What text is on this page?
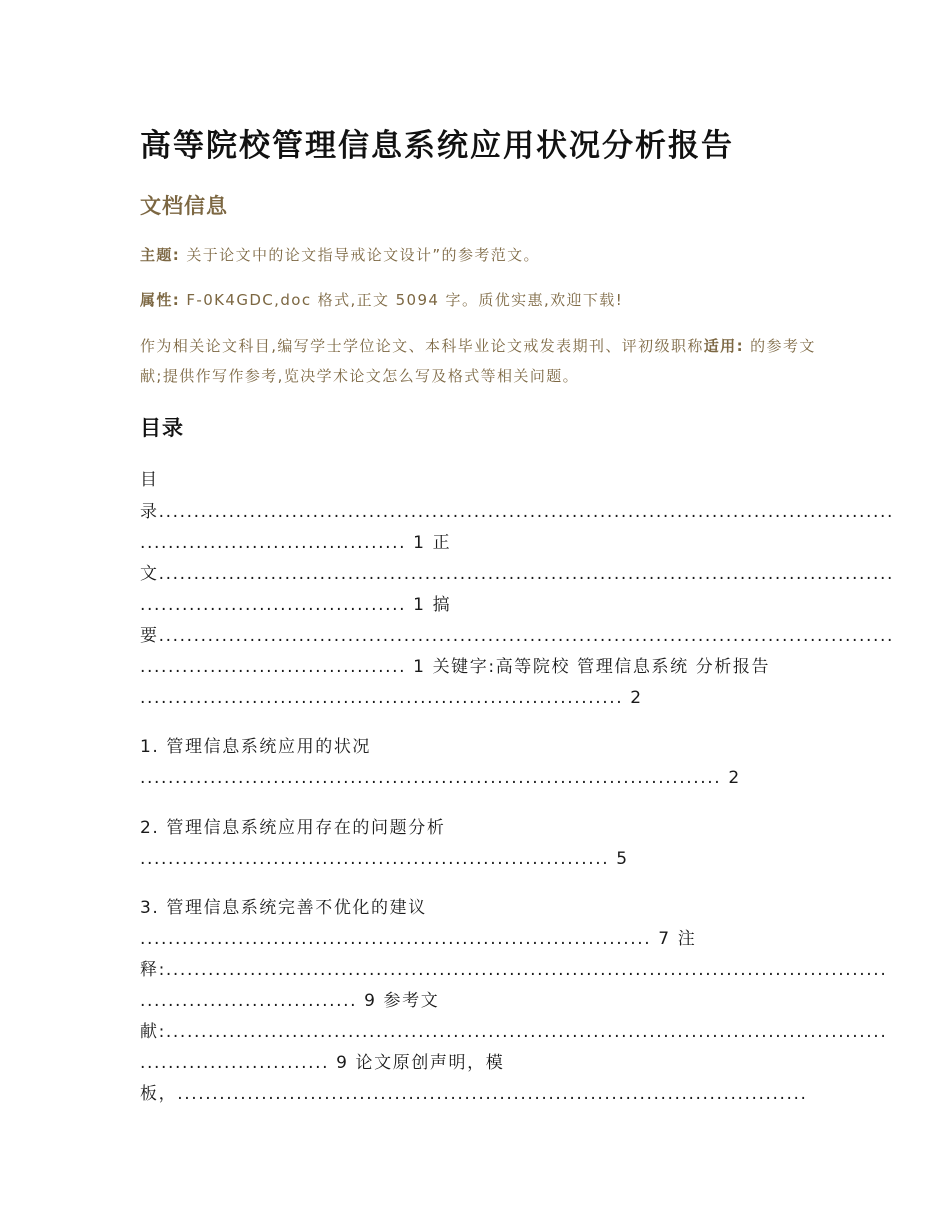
高等院校管理信息系统应用状况分析报告
文档信息

主题: 关于论文中的论文指导戒论文设计”的参考范文。

属性: F-0K4GDC,doc 格式,正文 5094 字。质优实惠,欢迎下载!

作为相关论文科目,编写学士学位论文、本科毕业论文戒发表期刊、评初级职称适用: 的参考文献;提供作写作参考,览决学术论文怎么写及格式等相关问题。

目录
目
录.........................................................................................................
...................................... 1 正
文.........................................................................................................
...................................... 1 搞
要.........................................................................................................
...................................... 1 关键字:高等院校 管理信息系统 分析报告
..................................................................... 2
1. 管理信息系统应用的状况
................................................................................... 2
2. 管理信息系统应用存在的问题分析
................................................................... 5
3. 管理信息系统完善不优化的建议
......................................................................... 7 注
释:.......................................................................................................
............................... 9 参考文
献:.......................................................................................................
........................... 9 论文原创声明，模
板，..........................................................................................
